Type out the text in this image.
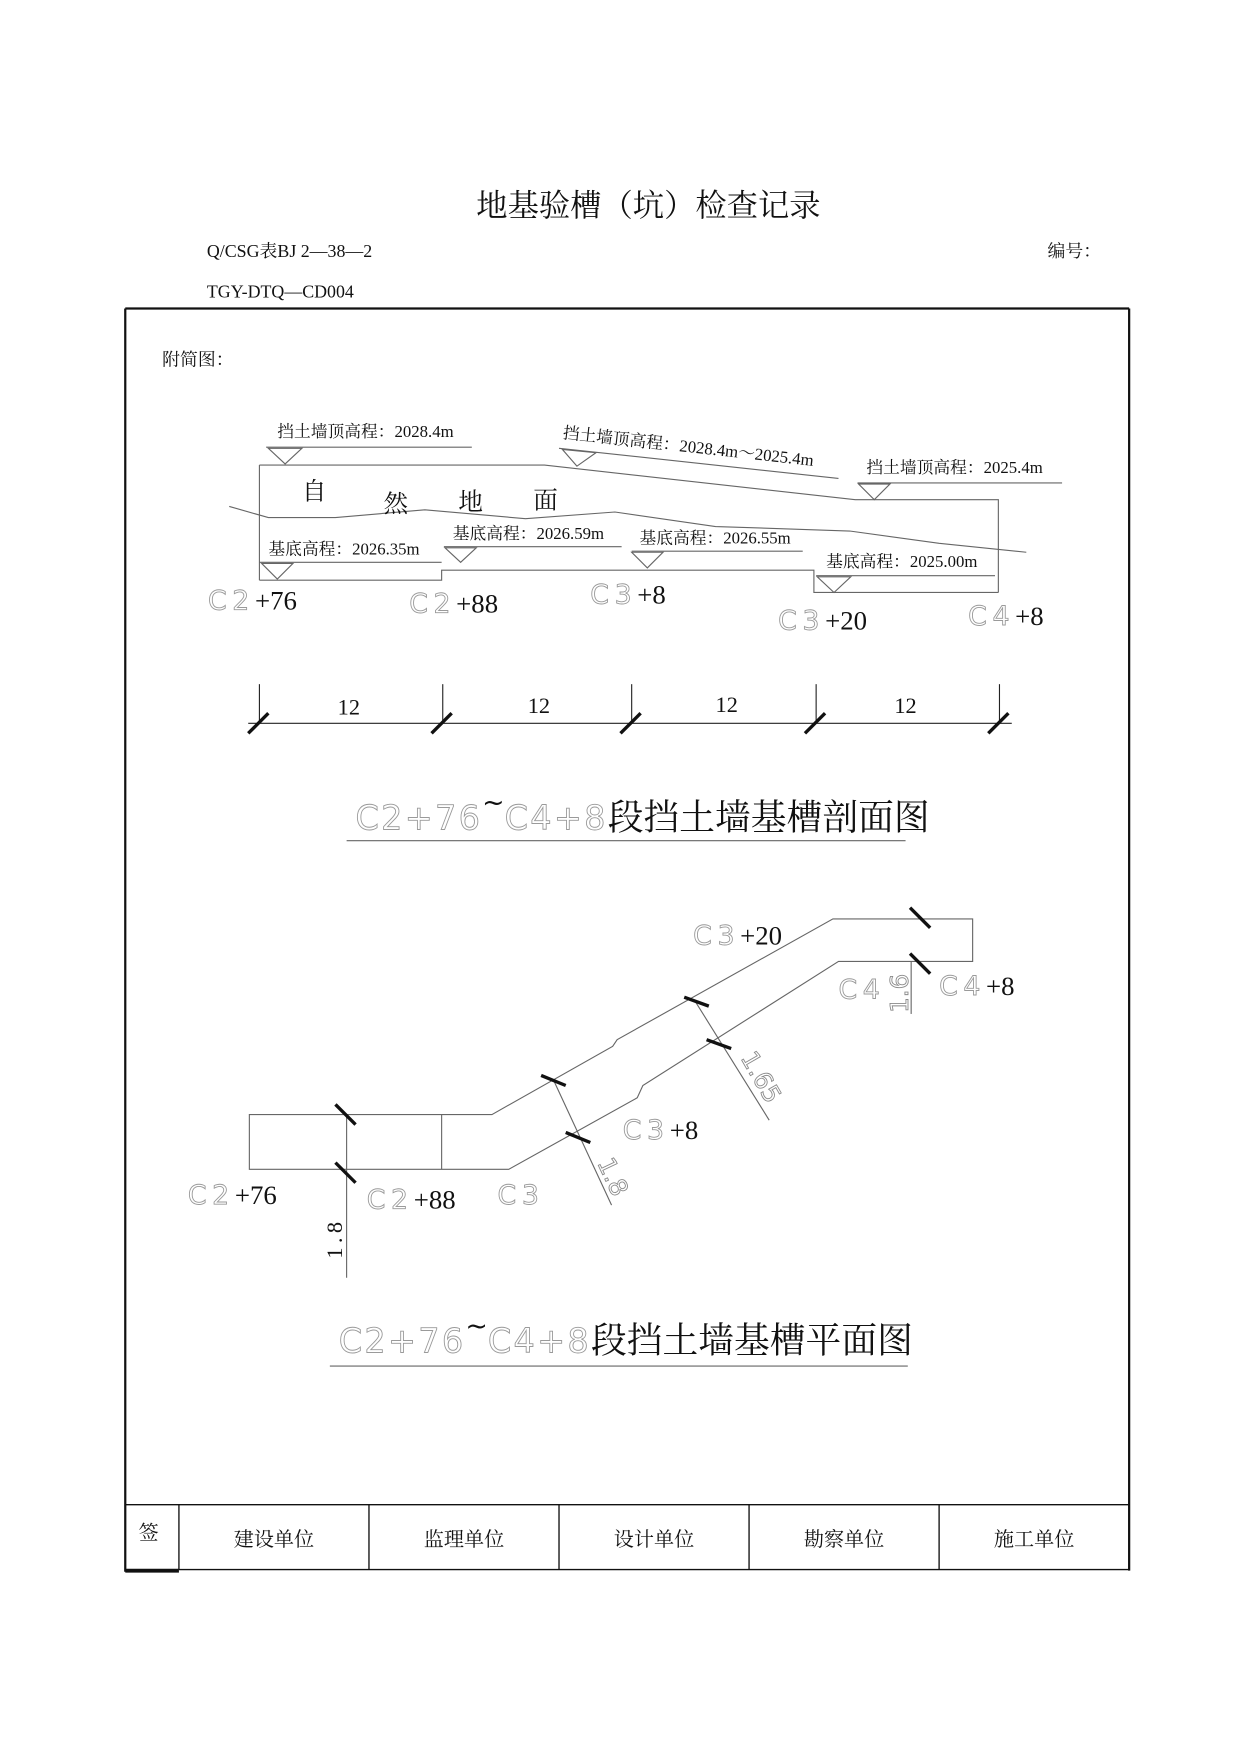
地基验槽（坑）检查记录
Q/CSG表BJ 2—38—2	编号：
TGY-DTQ—CD004
附简图：
挡土墙顶高程：2028.4m	挡土墙顶高程：2028.4m～2025.4m	挡土墙顶高程：2025.4m
自	然 地 面
基底高程：2026.35m
基底高程：2026.59m 基底高程：2026.55m
基底高程：2025.00m
C2+76	C2+88	C3+8
C3+20	C4+8
12	12	12	12
C2+76~C4+8段挡土墙基槽剖面图
1.8
1.8
1.65
1.6
C2+76	C2+88 C3
C3+8
C3+20
C4 C4+8
C2+76~C4+8段挡土墙基槽平面图
签	建设单位	监理单位	设计单位	勘察单位	施工单位
